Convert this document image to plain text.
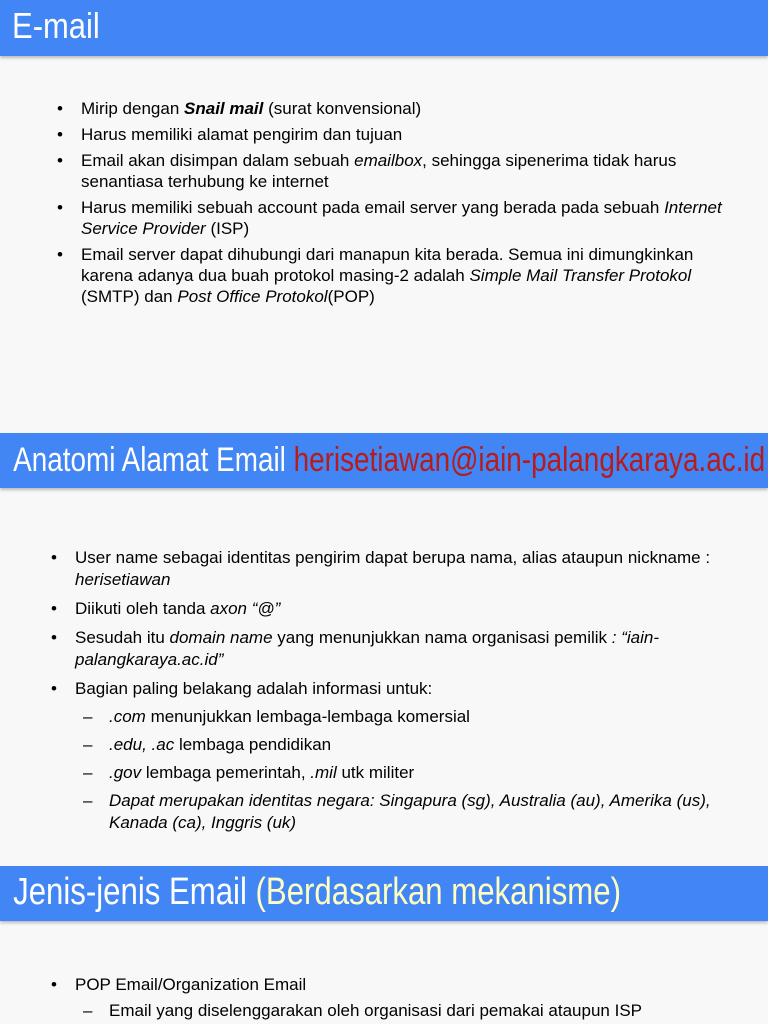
E-mail
• Mirip dengan Snail mail (surat konvensional)
• Harus memiliki alamat pengirim dan tujuan
• Email akan disimpan dalam sebuah emailbox, sehingga sipenerima tidak harus senantiasa terhubung ke internet
• Harus memiliki sebuah account pada email server yang berada pada sebuah Internet Service Provider (ISP)
• Email server dapat dihubungi dari manapun kita berada. Semua ini dimungkinkan karena adanya dua buah protokol masing-2 adalah Simple Mail Transfer Protokol (SMTP) dan Post Office Protokol(POP)
Anatomi Alamat Email herisetiawan@iain-palangkaraya.ac.id
• User name sebagai identitas pengirim dapat berupa nama, alias ataupun nickname : herisetiawan
• Diikuti oleh tanda axon “@”
• Sesudah itu domain name yang menunjukkan nama organisasi pemilik : “iain-palangkaraya.ac.id”
• Bagian paling belakang adalah informasi untuk:
– .com menunjukkan lembaga-lembaga komersial
– .edu, .ac lembaga pendidikan
– .gov lembaga pemerintah, .mil utk militer
– Dapat merupakan identitas negara: Singapura (sg), Australia (au), Amerika (us), Kanada (ca), Inggris (uk)
Jenis-jenis Email (Berdasarkan mekanisme)
• POP Email/Organization Email
– Email yang diselenggarakan oleh organisasi dari pemakai ataupun ISP
